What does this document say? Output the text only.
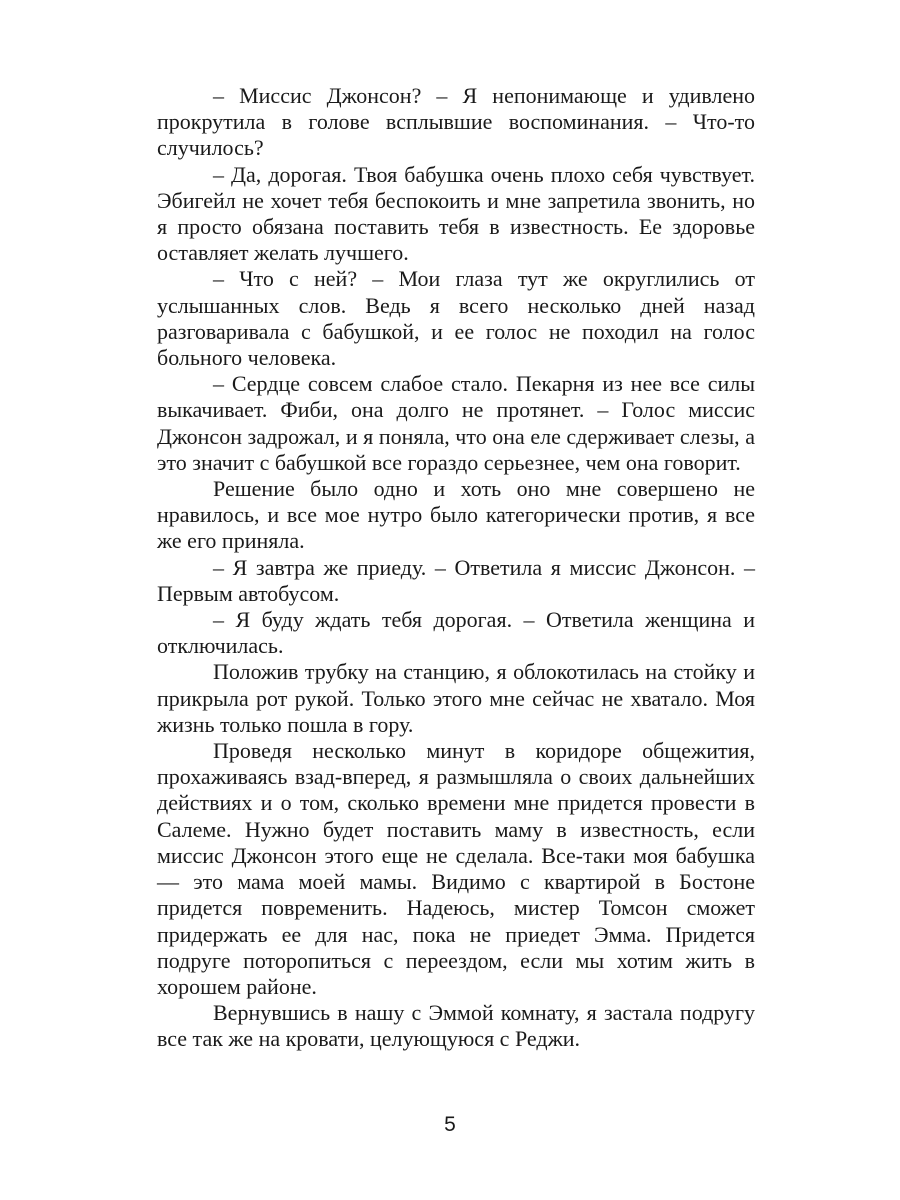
– Миссис Джонсон? – Я непонимающе и удивлено прокрутила в голове всплывшие воспоминания. – Что-то случилось?

– Да, дорогая. Твоя бабушка очень плохо себя чувствует. Эбигейл не хочет тебя беспокоить и мне запретила звонить, но я просто обязана поставить тебя в известность. Ее здоровье оставляет желать лучшего.

– Что с ней? – Мои глаза тут же округлились от услышанных слов. Ведь я всего несколько дней назад разговаривала с бабушкой, и ее голос не походил на голос больного человека.

– Сердце совсем слабое стало. Пекарня из нее все силы выкачивает. Фиби, она долго не протянет. – Голос миссис Джонсон задрожал, и я поняла, что она еле сдерживает слезы, а это значит с бабушкой все гораздо серьезнее, чем она говорит.

Решение было одно и хоть оно мне совершено не нравилось, и все мое нутро было категорически против, я все же его приняла.

– Я завтра же приеду. – Ответила я миссис Джонсон. – Первым автобусом.

– Я буду ждать тебя дорогая. – Ответила женщина и отключилась.

Положив трубку на станцию, я облокотилась на стойку и прикрыла рот рукой. Только этого мне сейчас не хватало. Моя жизнь только пошла в гору.

Проведя несколько минут в коридоре общежития, прохаживаясь взад-вперед, я размышляла о своих дальнейших действиях и о том, сколько времени мне придется провести в Салеме. Нужно будет поставить маму в известность, если миссис Джонсон этого еще не сделала. Все-таки моя бабушка — это мама моей мамы. Видимо с квартирой в Бостоне придется повременить. Надеюсь, мистер Томсон сможет придержать ее для нас, пока не приедет Эмма. Придется подруге поторопиться с переездом, если мы хотим жить в хорошем районе.

Вернувшись в нашу с Эммой комнату, я застала подругу все так же на кровати, целующуюся с Реджи.

5
